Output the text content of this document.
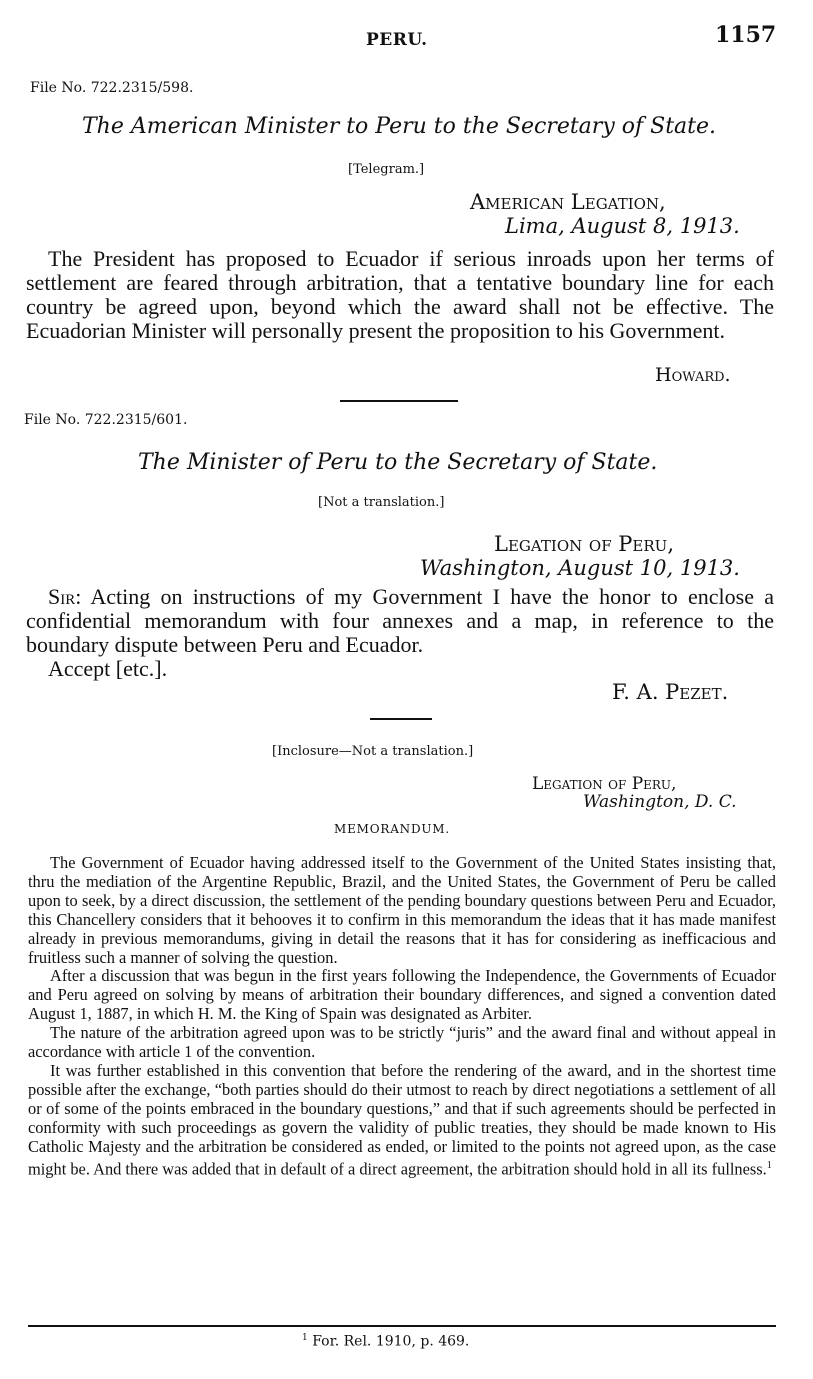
PERU.	1157
File No. 722.2315/598.
The American Minister to Peru to the Secretary of State.
[Telegram.]
American Legation,
Lima, August 8, 1913.

The President has proposed to Ecuador if serious inroads upon her terms of settlement are feared through arbitration, that a tentative boundary line for each country be agreed upon, beyond which the award shall not be effective. The Ecuadorian Minister will personally present the proposition to his Government.

Howard.
File No. 722.2315/601.
The Minister of Peru to the Secretary of State.
[Not a translation.]
Legation of Peru,
Washington, August 10, 1913.

Sir: Acting on instructions of my Government I have the honor to enclose a confidential memorandum with four annexes and a map, in reference to the boundary dispute between Peru and Ecuador.

Accept [etc.].

F. A. Pezet.
[Inclosure—Not a translation.]
Legation of Peru,
Washington, D. C.
MEMORANDUM.

The Government of Ecuador having addressed itself to the Government of the United States insisting that, thru the mediation of the Argentine Republic, Brazil, and the United States, the Government of Peru be called upon to seek, by a direct discussion, the settlement of the pending boundary questions between Peru and Ecuador, this Chancellery considers that it behooves it to confirm in this memorandum the ideas that it has made manifest already in previous memorandums, giving in detail the reasons that it has for considering as inefficacious and fruitless such a manner of solving the question.

After a discussion that was begun in the first years following the Independence, the Governments of Ecuador and Peru agreed on solving by means of arbitration their boundary differences, and signed a convention dated August 1, 1887, in which H. M. the King of Spain was designated as Arbiter.

The nature of the arbitration agreed upon was to be strictly “juris” and the award final and without appeal in accordance with article 1 of the convention.

It was further established in this convention that before the rendering of the award, and in the shortest time possible after the exchange, “both parties should do their utmost to reach by direct negotiations a settlement of all or of some of the points embraced in the boundary questions,” and that if such agreements should be perfected in conformity with such proceedings as govern the validity of public treaties, they should be made known to His Catholic Majesty and the arbitration be considered as ended, or limited to the points not agreed upon, as the case might be. And there was added that in default of a direct agreement, the arbitration should hold in all its fullness.$^1$

$^1$ For. Rel. 1910, p. 469.
